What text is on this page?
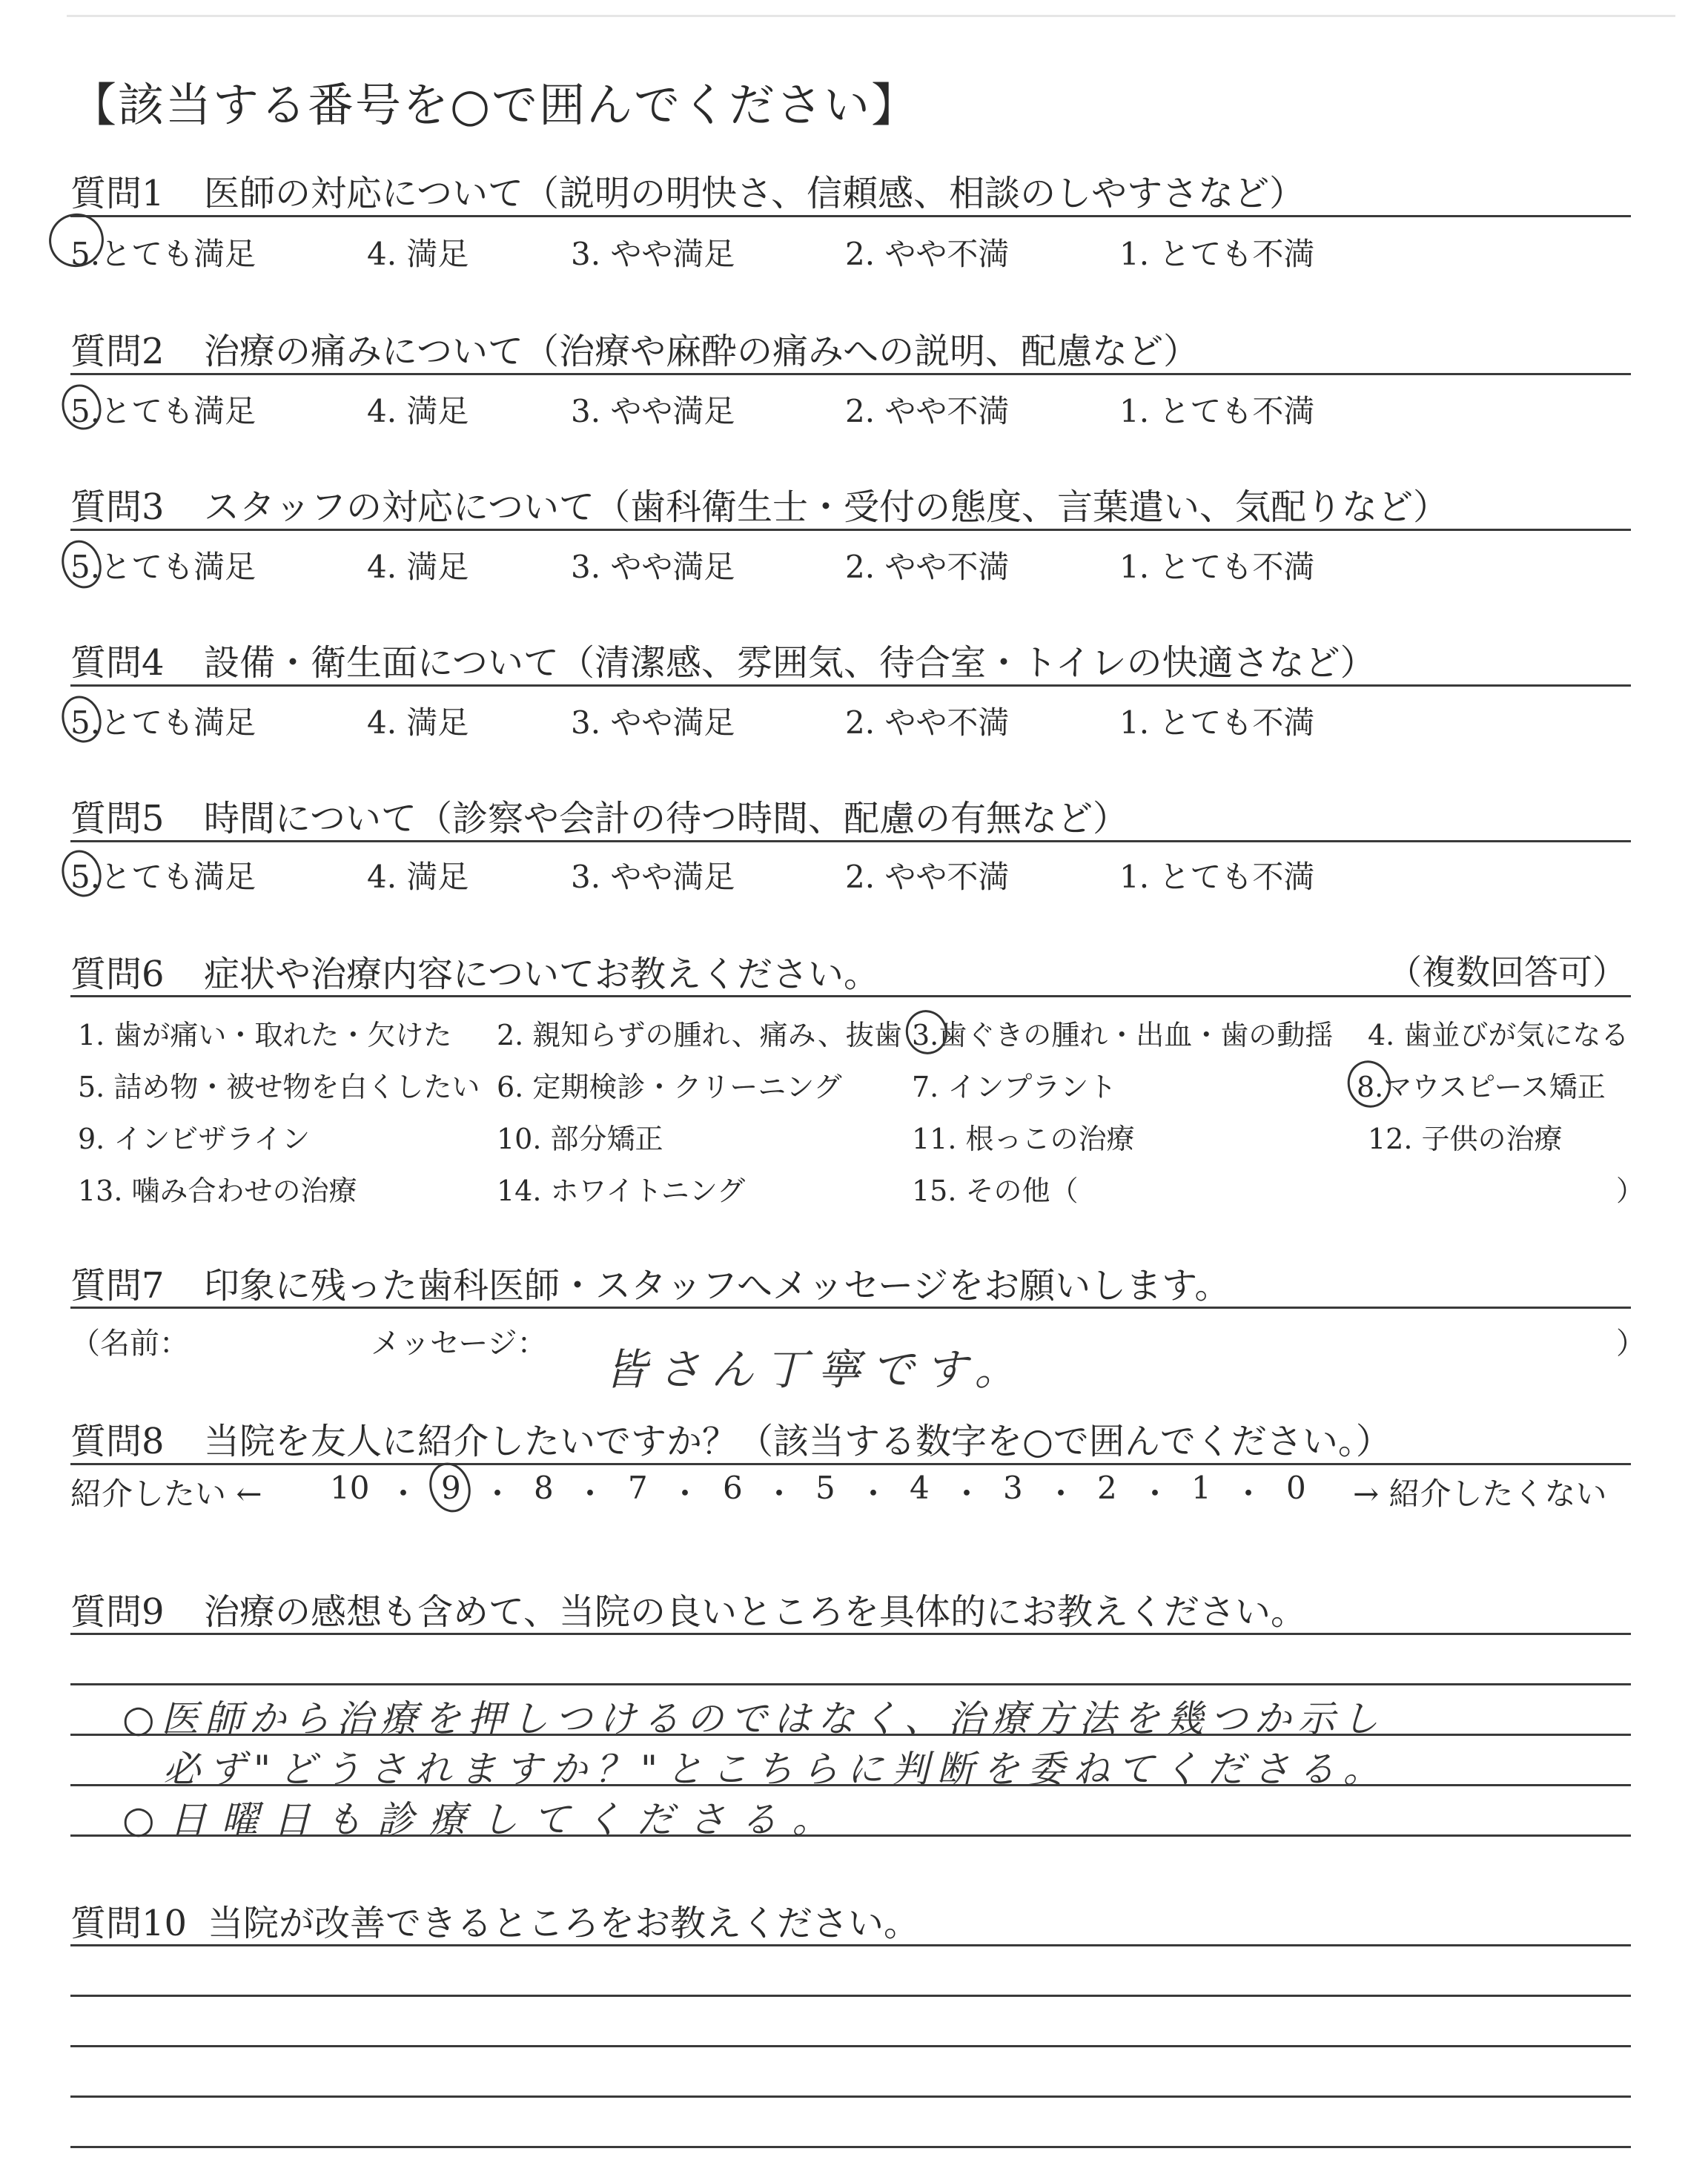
【該当する番号を○で囲んでください】
質問1 医師の対応について（説明の明快さ、信頼感、相談のしやすさなど）
5.とても満足	4. 満足	3. やや満足	2. やや不満	1. とても不満
質問2 治療の痛みについて（治療や麻酔の痛みへの説明、配慮など）
5.とても満足	4. 満足	3. やや満足	2. やや不満	1. とても不満
質問3 スタッフの対応について（歯科衛生士・受付の態度、言葉遣い、気配りなど）
5.とても満足	4. 満足	3. やや満足	2. やや不満	1. とても不満
質問4 設備・衛生面について（清潔感、雰囲気、待合室・トイレの快適さなど）
5.とても満足	4. 満足	3. やや満足	2. やや不満	1. とても不満
質問5 時間について（診察や会計の待つ時間、配慮の有無など）
5.とても満足	4. 満足	3. やや満足	2. やや不満	1. とても不満
質問6 症状や治療内容についてお教えください。	（複数回答可）
1. 歯が痛い・取れた・欠けた 2. 親知らずの腫れ、痛み、抜歯 3.歯ぐきの腫れ・出血・歯の動揺 4. 歯並びが気になる
5. 詰め物・被せ物を白くしたい 6. 定期検診・クリーニング 7. インプラント	8.マウスピース矯正
9. インビザライン	10. 部分矯正	11. 根っこの治療	12. 子供の治療
13. 噛み合わせの治療	14. ホワイトニング	15. その他（	）
質問7 印象に残った歯科医師・スタッフへメッセージをお願いします。
（名前：	メッセージ：	）
皆さん丁寧です。
質問8 当院を友人に紹介したいですか？（該当する数字を○で囲んでください。）
紹介したい ← 10 ・ 9 ・ 8 ・ 7 ・ 6 ・ 5 ・ 4 ・ 3 ・ 2 ・ 1 ・ 0 → 紹介したくない
質問9 治療の感想も含めて、当院の良いところを具体的にお教えください。
○医師から治療を押しつけるのではなく、治療方法を幾つか示し
必ず"どうされますか？"とこちらに判断を委ねてくださる。
○日曜日も診療してくださる。
質問10 当院が改善できるところをお教えください。
